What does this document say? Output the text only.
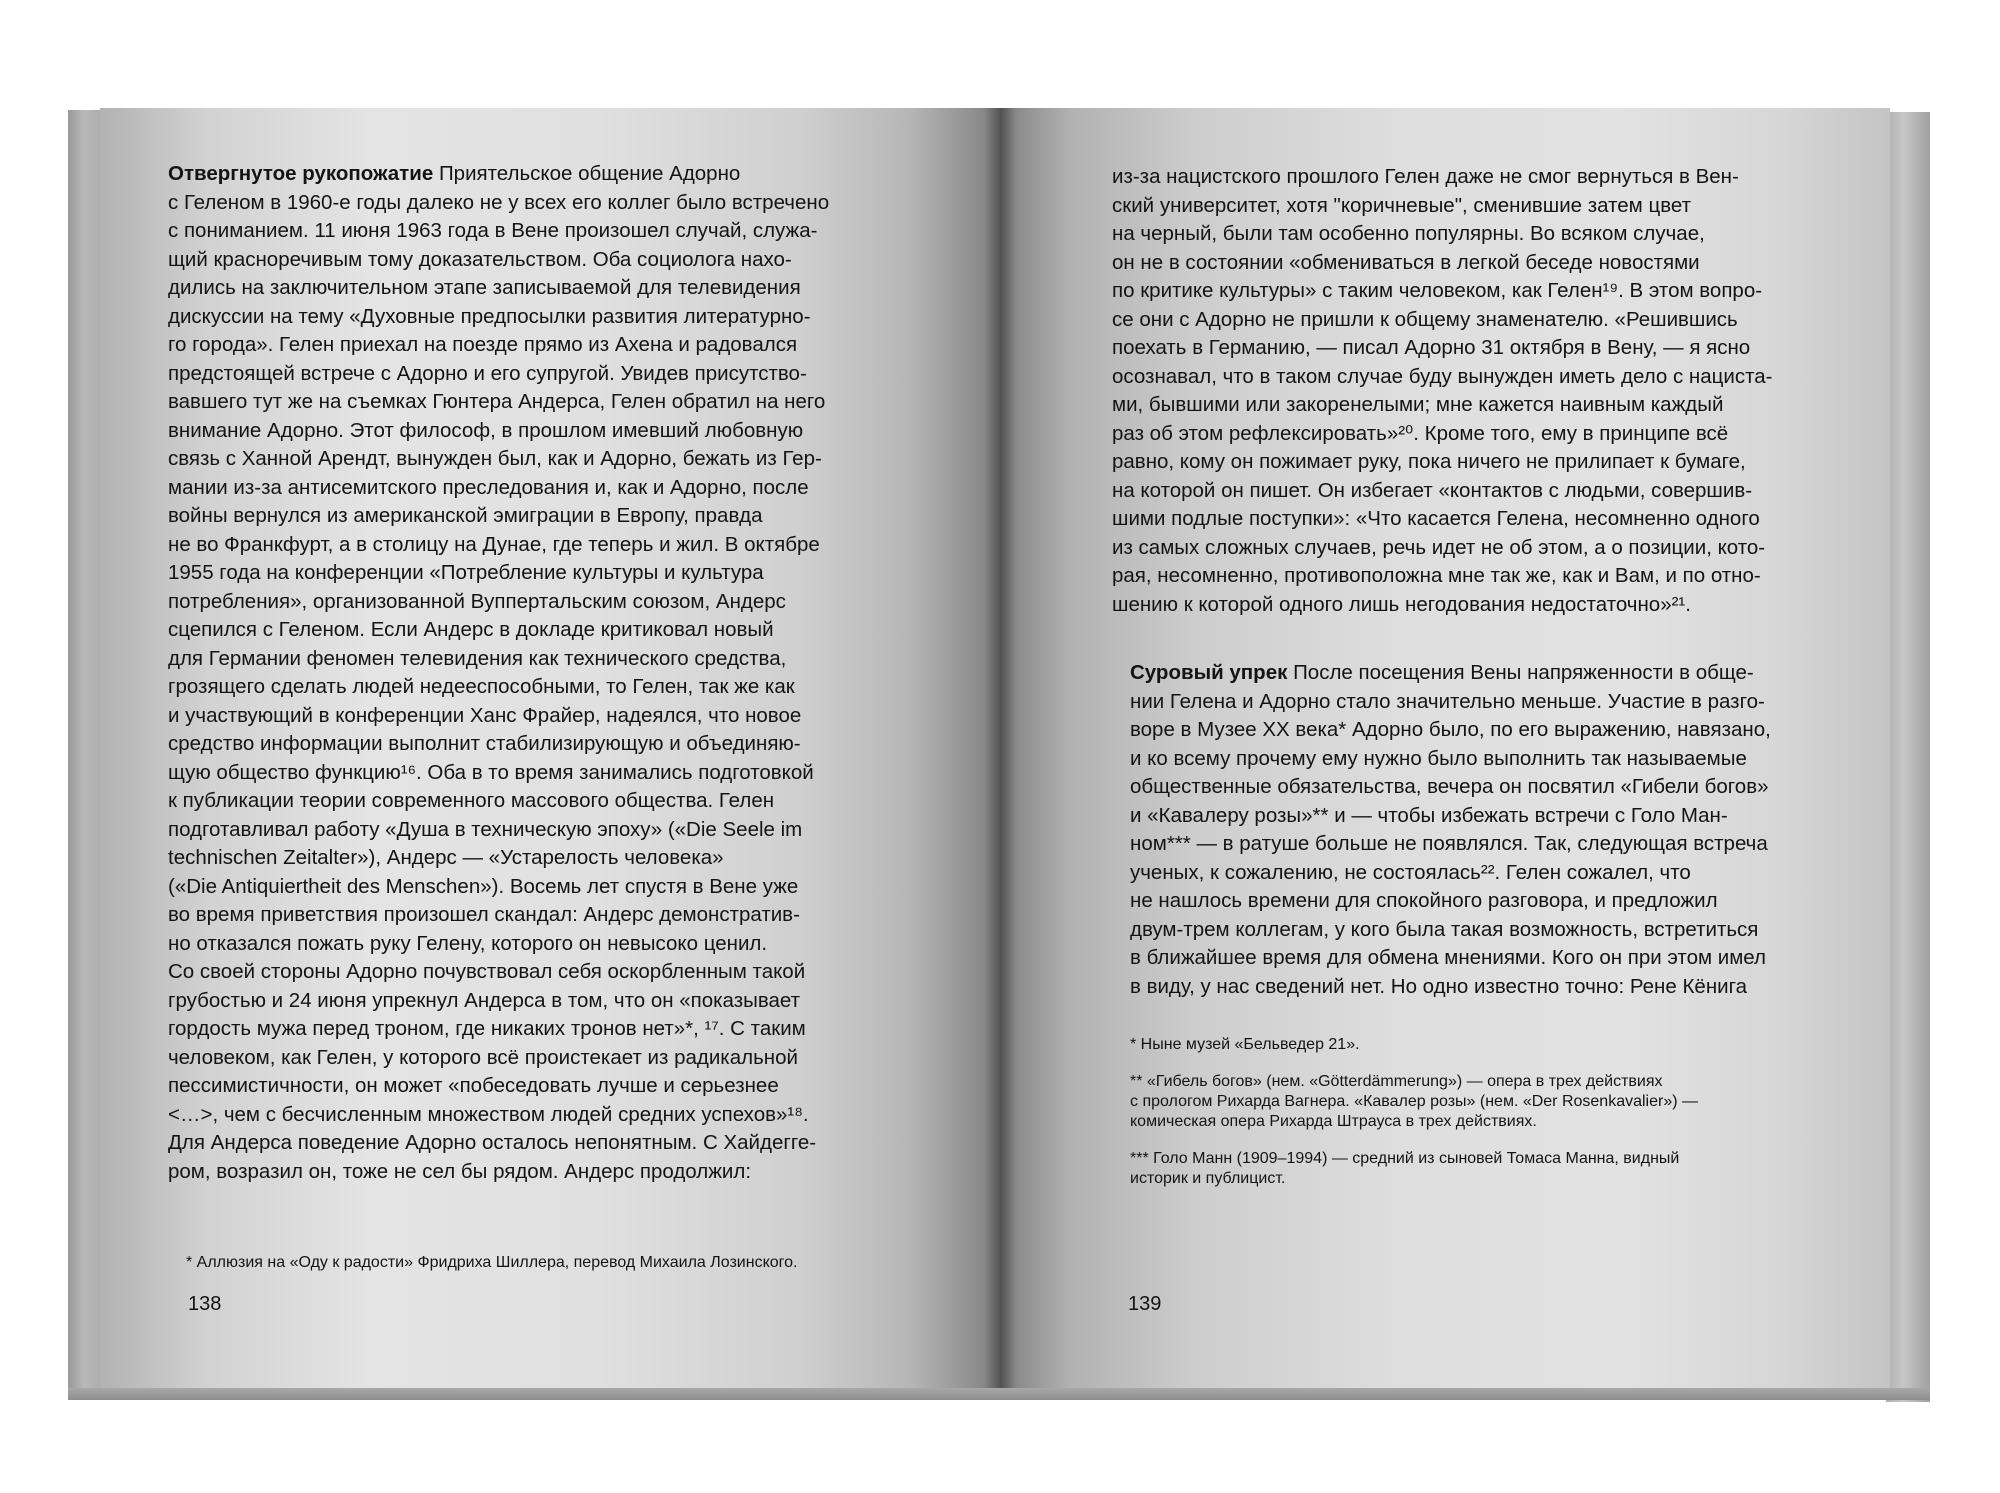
Отвергнутое рукопожатие Приятельское общение Адорно
с Геленом в 1960-е годы далеко не у всех его коллег было встречено
с пониманием. 11 июня 1963 года в Вене произошел случай, служа-
щий красноречивым тому доказательством. Оба социолога нахо-
дились на заключительном этапе записываемой для телевидения
дискуссии на тему «Духовные предпосылки развития литературно-
го города». Гелен приехал на поезде прямо из Ахена и радовался
предстоящей встрече с Адорно и его супругой. Увидев присутство-
вавшего тут же на съемках Гюнтера Андерса, Гелен обратил на него
внимание Адорно. Этот философ, в прошлом имевший любовную
связь с Ханной Арендт, вынужден был, как и Адорно, бежать из Гер-
мании из-за антисемитского преследования и, как и Адорно, после
войны вернулся из американской эмиграции в Европу, правда
не во Франкфурт, а в столицу на Дунае, где теперь и жил. В октябре
1955 года на конференции «Потребление культуры и культура
потребления», организованной Вуппертальским союзом, Андерс
сцепился с Геленом. Если Андерс в докладе критиковал новый
для Германии феномен телевидения как технического средства,
грозящего сделать людей недееспособными, то Гелен, так же как
и участвующий в конференции Ханс Фрайер, надеялся, что новое
средство информации выполнит стабилизирующую и объединяю-
щую общество функцию¹⁶. Оба в то время занимались подготовкой
к публикации теории современного массового общества. Гелен
подготавливал работу «Душа в техническую эпоху» («Die Seele im
technischen Zeitalter»), Андерс — «Устарелость человека»
(«Die Antiquiertheit des Menschen»). Восемь лет спустя в Вене уже
во время приветствия произошел скандал: Андерс демонстратив-
но отказался пожать руку Гелену, которого он невысоко ценил.
Со своей стороны Адорно почувствовал себя оскорбленным такой
грубостью и 24 июня упрекнул Андерса в том, что он «показывает
гордость мужа перед троном, где никаких тронов нет»*, ¹⁷. С таким
человеком, как Гелен, у которого всё проистекает из радикальной
пессимистичности, он может «побеседовать лучше и серьезнее
<…>, чем с бесчисленным множеством людей средних успехов»¹⁸.
Для Андерса поведение Адорно осталось непонятным. С Хайдегге-
ром, возразил он, тоже не сел бы рядом. Андерс продолжил:

* Аллюзия на «Оду к радости» Фридриха Шиллера, перевод Михаила Лозинского.
138

из-за нацистского прошлого Гелен даже не смог вернуться в Вен-
ский университет, хотя "коричневые", сменившие затем цвет
на черный, были там особенно популярны. Во всяком случае,
он не в состоянии «обмениваться в легкой беседе новостями
по критике культуры» с таким человеком, как Гелен¹⁹. В этом вопро-
се они с Адорно не пришли к общему знаменателю. «Решившись
поехать в Германию, — писал Адорно 31 октября в Вену, — я ясно
осознавал, что в таком случае буду вынужден иметь дело с нациста-
ми, бывшими или закоренелыми; мне кажется наивным каждый
раз об этом рефлексировать»²⁰. Кроме того, ему в принципе всё
равно, кому он пожимает руку, пока ничего не прилипает к бумаге,
на которой он пишет. Он избегает «контактов с людьми, совершив-
шими подлые поступки»: «Что касается Гелена, несомненно одного
из самых сложных случаев, речь идет не об этом, а о позиции, кото-
рая, несомненно, противоположна мне так же, как и Вам, и по отно-
шению к которой одного лишь негодования недостаточно»²¹.

Суровый упрек После посещения Вены напряженности в обще-
нии Гелена и Адорно стало значительно меньше. Участие в разго-
воре в Музее XX века* Адорно было, по его выражению, навязано,
и ко всему прочему ему нужно было выполнить так называемые
общественные обязательства, вечера он посвятил «Гибели богов»
и «Кавалеру розы»** и — чтобы избежать встречи с Голо Ман-
ном*** — в ратуше больше не появлялся. Так, следующая встреча
ученых, к сожалению, не состоялась²². Гелен сожалел, что
не нашлось времени для спокойного разговора, и предложил
двум-трем коллегам, у кого была такая возможность, встретиться
в ближайшее время для обмена мнениями. Кого он при этом имел
в виду, у нас сведений нет. Но одно известно точно: Рене Кёнига

* Ныне музей «Бельведер 21».

** «Гибель богов» (нем. «Götterdämmerung») — опера в трех действиях
с прологом Рихарда Вагнера. «Кавалер розы» (нем. «Der Rosenkavalier») —
комическая опера Рихарда Штрауса в трех действиях.

*** Голо Манн (1909–1994) — средний из сыновей Томаса Манна, видный
историк и публицист.

139
